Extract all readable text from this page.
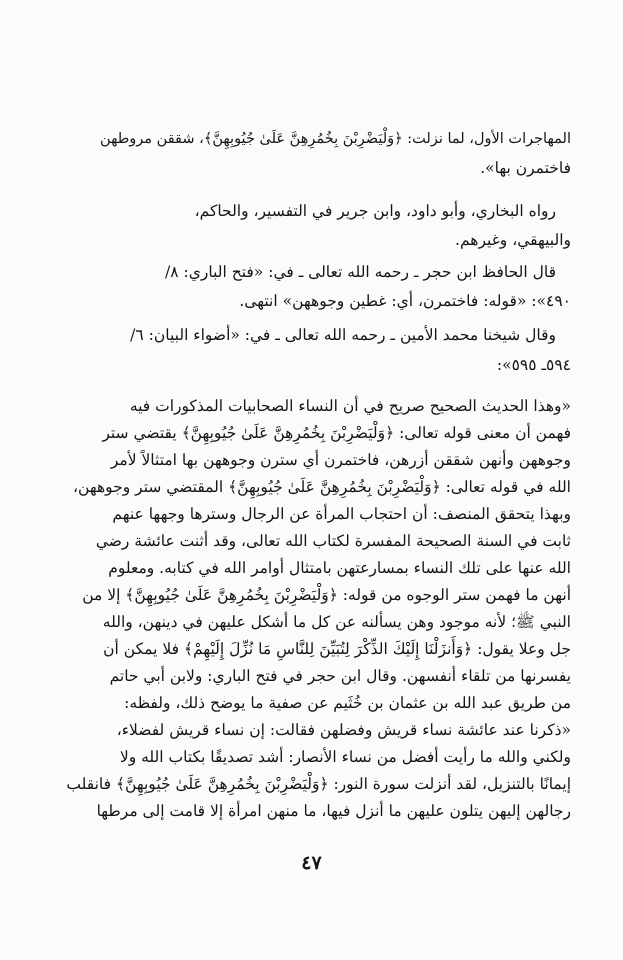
المهاجرات الأول، لما نزلت: ﴿وَلْيَضْرِبْنَ بِخُمُرِهِنَّ عَلَىٰ جُيُوبِهِنَّ﴾، شققن مروطهن
فاختمرن بها».
رواه البخاري، وأبو داود، وابن جرير في التفسير، والحاكم،
والبيهقي، وغيرهم.
قال الحافظ ابن حجر ـ رحمه الله تعالى ـ في: «فتح الباري: ٨/
٤٩٠»: «قوله: فاختمرن، أي: غطين وجوههن» انتهى.
وقال شيخنا محمد الأمين ـ رحمه الله تعالى ـ في: «أضواء البيان: ٦/
٥٩٤ـ ٥٩٥»:
«وهذا الحديث الصحيح صريح في أن النساء الصحابيات المذكورات فيه
فهمن أن معنى قوله تعالى: ﴿وَلْيَضْرِبْنَ بِخُمُرِهِنَّ عَلَىٰ جُيُوبِهِنَّ﴾ يقتضي ستر
وجوههن وأنهن شققن أزرهن، فاختمرن أي سترن وجوههن بها امتثالاً لأمر
الله في قوله تعالى: ﴿وَلْيَضْرِبْنَ بِخُمُرِهِنَّ عَلَىٰ جُيُوبِهِنَّ﴾ المقتضي ستر وجوههن،
وبهذا يتحقق المنصف: أن احتجاب المرأة عن الرجال وسترها وجهها عنهم
ثابت في السنة الصحيحة المفسرة لكتاب الله تعالى، وقد أثنت عائشة رضي
الله عنها على تلك النساء بمسارعتهن بامتثال أوامر الله في كتابه. ومعلوم
أنهن ما فهمن ستر الوجوه من قوله: ﴿وَلْيَضْرِبْنَ بِخُمُرِهِنَّ عَلَىٰ جُيُوبِهِنَّ﴾ إلا من
النبي ﷺ؛ لأنه موجود وهن يسألنه عن كل ما أشكل عليهن في دينهن، والله
جل وعلا يقول: ﴿وَأَنزَلْنَا إِلَيْكَ الذِّكْرَ لِتُبَيِّنَ لِلنَّاسِ مَا نُزِّلَ إِلَيْهِمْ﴾ فلا يمكن أن
يفسرنها من تلقاء أنفسهن. وقال ابن حجر في فتح الباري: ولابن أبي حاتم
من طريق عبد الله بن عثمان بن خُثَيم عن صفية ما يوضح ذلك، ولفظه:
«ذكرنا عند عائشة نساء قريش وفضلهن فقالت: إن نساء قريش لفضلاء،
ولكني والله ما رأيت أفضل من نساء الأنصار: أشد تصديقًا بكتاب الله ولا
إيمانًا بالتنزيل، لقد أنزلت سورة النور: ﴿وَلْيَضْرِبْنَ بِخُمُرِهِنَّ عَلَىٰ جُيُوبِهِنَّ﴾ فانقلب
رجالهن إليهن يتلون عليهن ما أنزل فيها، ما منهن امرأة إلا قامت إلى مرطها
٤٧
